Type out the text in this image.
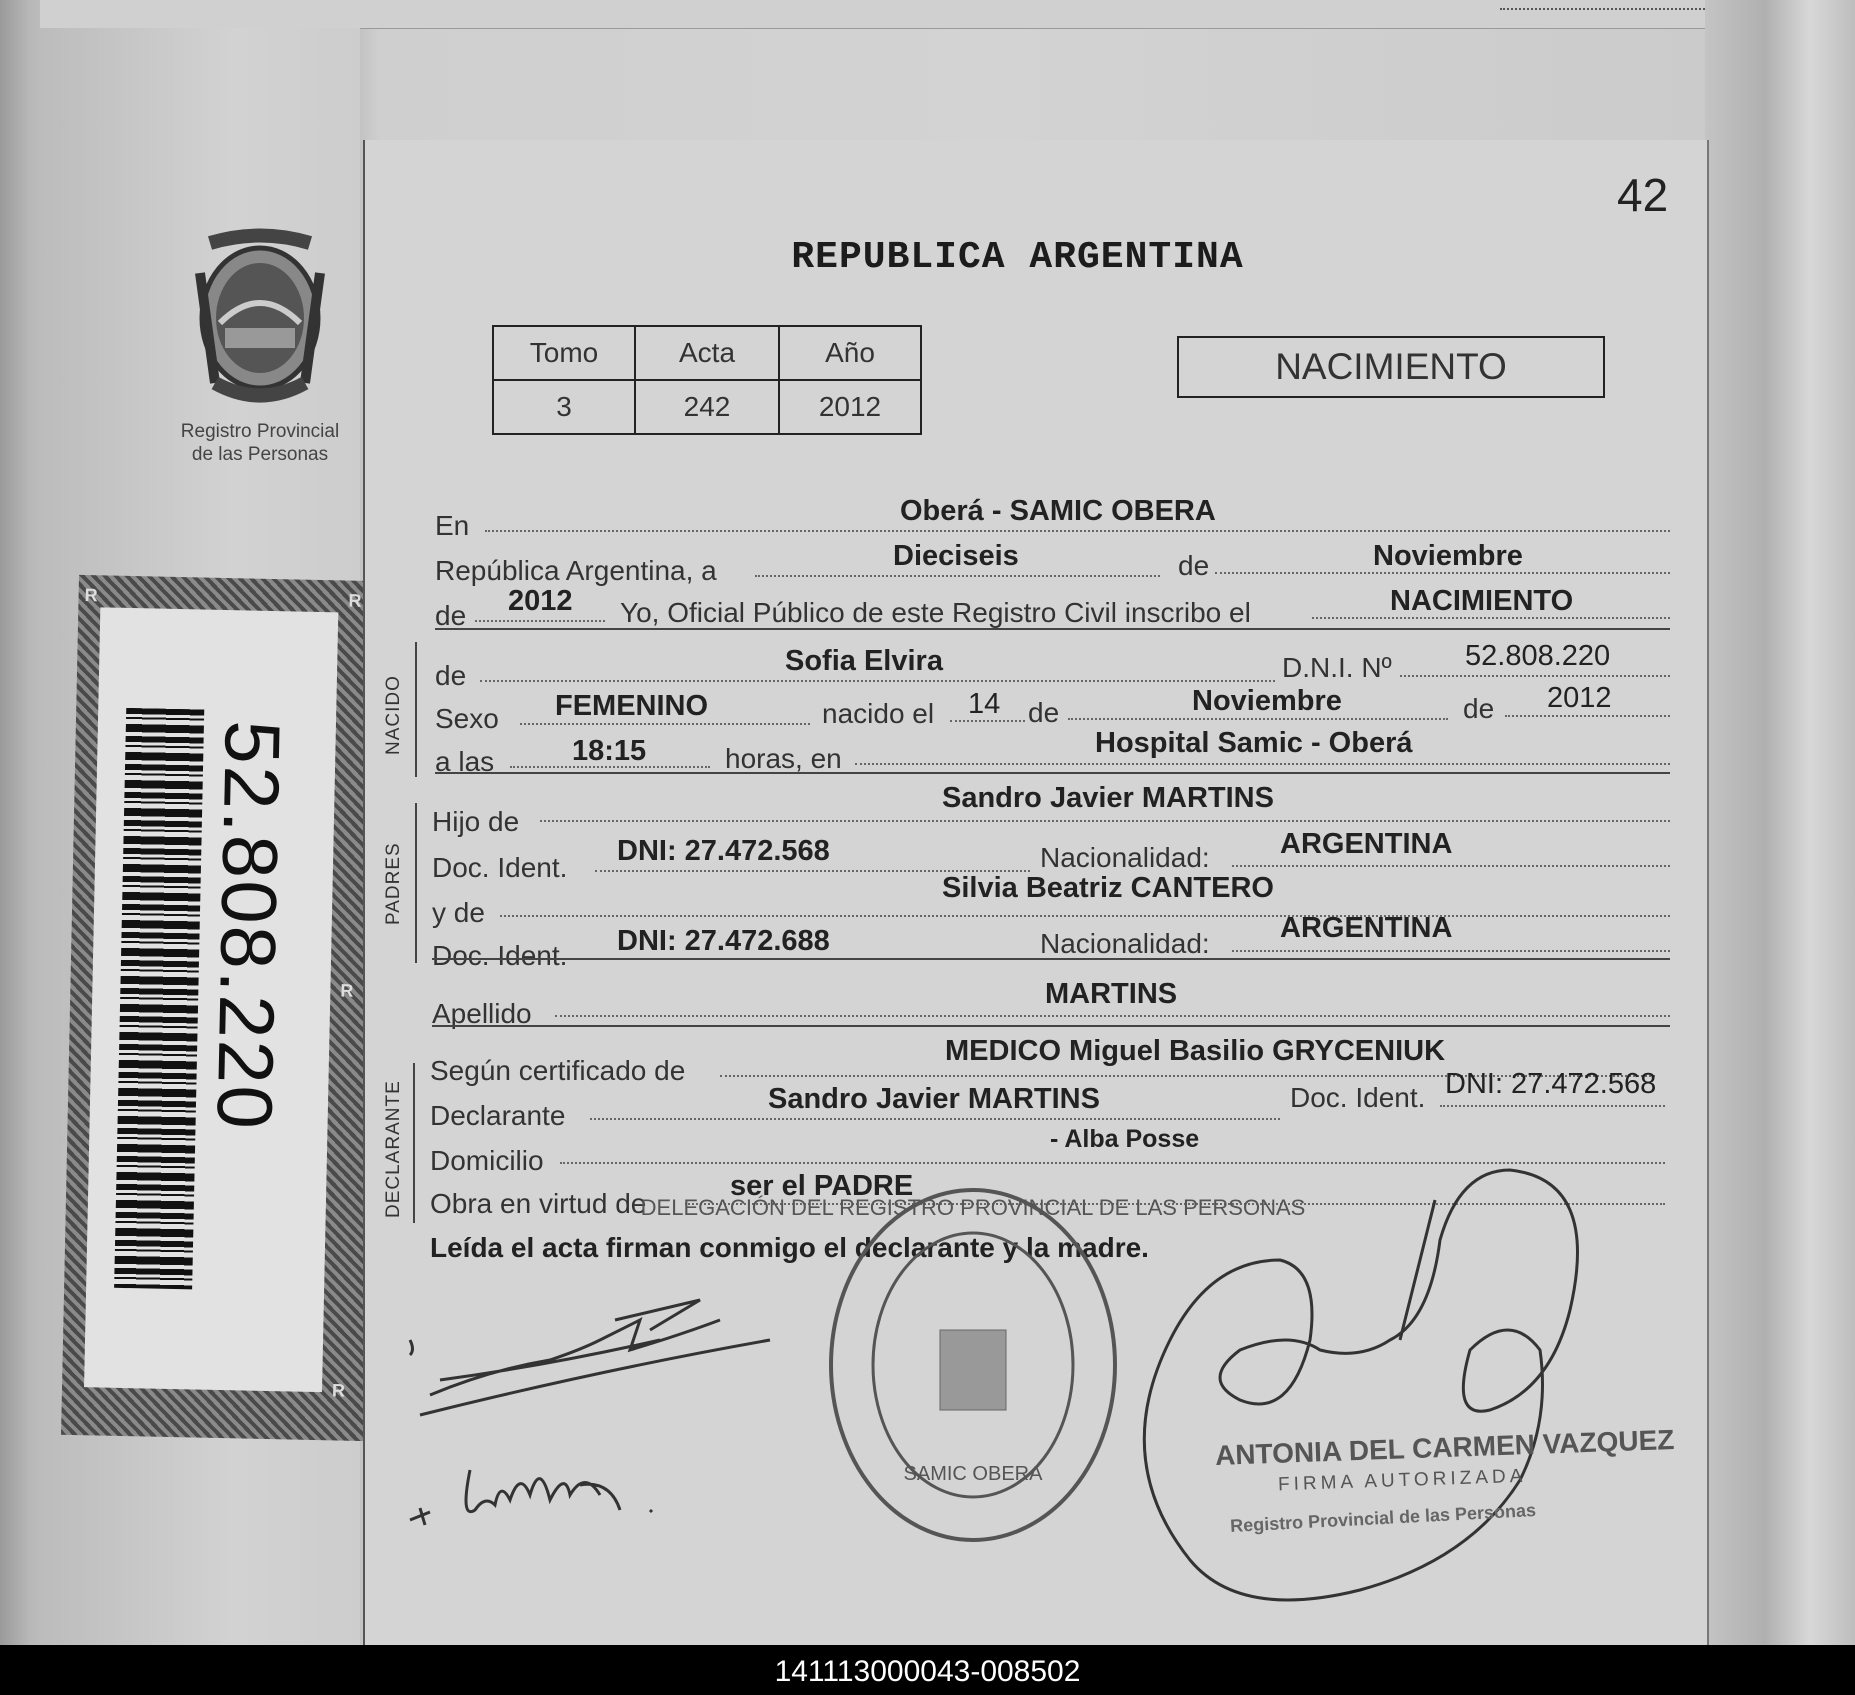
Registro Provincial
de las Personas
R	R
R
R
52.808.220
42
REPUBLICA ARGENTINA
Tomo	Acta	Año
3	242	2012
NACIMIENTO
En	Oberá - SAMIC OBERA
República Argentina, a	Dieciseis	de	Noviembre
de 2012 Yo, Oficial Público de este Registro Civil inscribo el	NACIMIENTO
NACIDO de	Sofia Elvira	D.N.I. Nº	52.808.220
Sexo FEMENINO	nacido el 14 de	Noviembre	de 2012
a las	18:15	horas, en	Hospital Samic - Oberá
PADRES
Hijo de
Sandro Javier MARTINS
Doc. Ident.
DNI: 27.472.568	Nacionalidad: ARGENTINA
y de
Silvia Beatriz CANTERO
Doc. Ident. DNI: 27.472.688	Nacionalidad: ARGENTINA
Apellido
MARTINS
DECLARANTE
Según certificado de
MEDICO Miguel Basilio GRYCENIUK
Declarante
Sandro Javier MARTINS	Doc. Ident. DNI: 27.472.568
Domicilio
- Alba Posse
Obra en virtud de
ser el PADRE
Leída el acta firman conmigo el declarante y la madre.
DELEGACIÓN DEL REGISTRO PROVINCIAL DE LAS PERSONAS
SAMIC OBERA
ANTONIA DEL CARMEN VAZQUEZ
FIRMA AUTORIZADA
Registro Provincial de las Personas
141113000043-008502
